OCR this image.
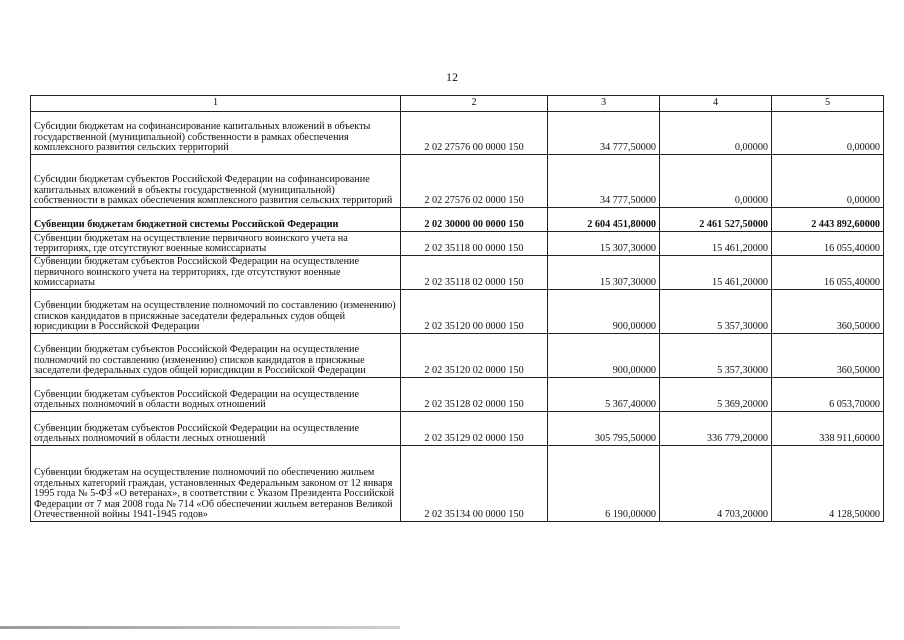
12
1	2	3	4	5
Субсидии бюджетам на софинансирование капитальных вложений в объекты государственной (муниципальной) собственности в рамках обеспечения комплексного развития сельских территорий	2 02 27576 00 0000 150	34 777,50000	0,00000	0,00000
Субсидии бюджетам субъектов Российской Федерации на софинансирование капитальных вложений в объекты государственной (муниципальной) собственности в рамках обеспечения комплексного развития сельских территорий	2 02 27576 02 0000 150	34 777,50000	0,00000	0,00000
Субвенции бюджетам бюджетной системы Российской Федерации	2 02 30000 00 0000 150	2 604 451,80000	2 461 527,50000	2 443 892,60000
Субвенции бюджетам на осуществление первичного воинского учета на территориях, где отсутствуют военные комиссариаты	2 02 35118 00 0000 150	15 307,30000	15 461,20000	16 055,40000
Субвенции бюджетам субъектов Российской Федерации на осуществление первичного воинского учета на территориях, где отсутствуют военные комиссариаты	2 02 35118 02 0000 150	15 307,30000	15 461,20000	16 055,40000
Субвенции бюджетам на осуществление полномочий по составлению (изменению) списков кандидатов в присяжные заседатели федеральных судов общей юрисдикции в Российской Федерации	2 02 35120 00 0000 150	900,00000	5 357,30000	360,50000
Субвенции бюджетам субъектов Российской Федерации на осуществление полномочий по составлению (изменению) списков кандидатов в присяжные заседатели федеральных судов общей юрисдикции в Российской Федерации	2 02 35120 02 0000 150	900,00000	5 357,30000	360,50000
Субвенции бюджетам субъектов Российской Федерации на осуществление отдельных полномочий в области водных отношений	2 02 35128 02 0000 150	5 367,40000	5 369,20000	6 053,70000
Субвенции бюджетам субъектов Российской Федерации на осуществление отдельных полномочий в области лесных отношений	2 02 35129 02 0000 150	305 795,50000	336 779,20000	338 911,60000
Субвенции бюджетам на осуществление полномочий по обеспечению жильем отдельных категорий граждан, установленных Федеральным законом от 12 января 1995 года № 5-ФЗ «О ветеранах», в соответствии с Указом Президента Российской Федерации от 7 мая 2008 года № 714 «Об обеспечении жильем ветеранов Великой Отечественной войны 1941-1945 годов»	2 02 35134 00 0000 150	6 190,00000	4 703,20000	4 128,50000
